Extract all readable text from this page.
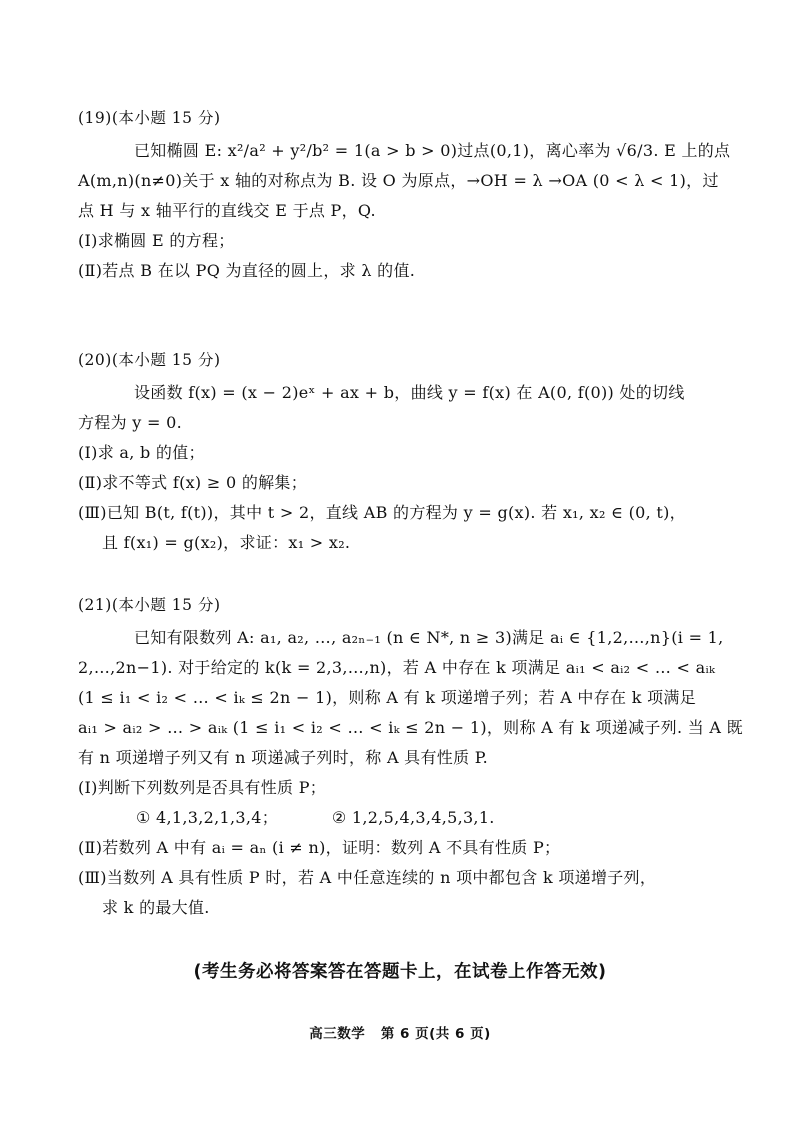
(19)(本小题 15 分)
已知椭圆 E: x²/a² + y²/b² = 1(a > b > 0)过点(0,1)，离心率为 √6/3. E 上的点
A(m,n)(n≠0)关于 x 轴的对称点为 B. 设 O 为原点，→OH = λ →OA (0 < λ < 1)，过
点 H 与 x 轴平行的直线交 E 于点 P，Q.
(Ⅰ)求椭圆 E 的方程；
(Ⅱ)若点 B 在以 PQ 为直径的圆上，求 λ 的值.
(20)(本小题 15 分)
设函数 f(x) = (x − 2)eˣ + ax + b，曲线 y = f(x) 在 A(0, f(0)) 处的切线
方程为 y = 0.
(Ⅰ)求 a, b 的值；
(Ⅱ)求不等式 f(x) ≥ 0 的解集；
(Ⅲ)已知 B(t, f(t))，其中 t > 2，直线 AB 的方程为 y = g(x). 若 x₁, x₂ ∈ (0, t)，
且 f(x₁) = g(x₂)，求证：x₁ > x₂.
(21)(本小题 15 分)
已知有限数列 A: a₁, a₂, …, a₂ₙ₋₁ (n ∈ N*, n ≥ 3)满足 aᵢ ∈ {1,2,…,n}(i = 1,
2,…,2n−1). 对于给定的 k(k = 2,3,…,n)，若 A 中存在 k 项满足 aᵢ₁ < aᵢ₂ < … < aᵢₖ
(1 ≤ i₁ < i₂ < … < iₖ ≤ 2n − 1)，则称 A 有 k 项递增子列；若 A 中存在 k 项满足
aᵢ₁ > aᵢ₂ > … > aᵢₖ (1 ≤ i₁ < i₂ < … < iₖ ≤ 2n − 1)，则称 A 有 k 项递减子列. 当 A 既
有 n 项递增子列又有 n 项递减子列时，称 A 具有性质 P.
(Ⅰ)判断下列数列是否具有性质 P；
① 4,1,3,2,1,3,4；          ② 1,2,5,4,3,4,5,3,1.
(Ⅱ)若数列 A 中有 aᵢ = aₙ (i ≠ n)，证明：数列 A 不具有性质 P；
(Ⅲ)当数列 A 具有性质 P 时，若 A 中任意连续的 n 项中都包含 k 项递增子列，
求 k 的最大值.
(考生务必将答案答在答题卡上，在试卷上作答无效)
高三数学   第 6 页(共 6 页)
